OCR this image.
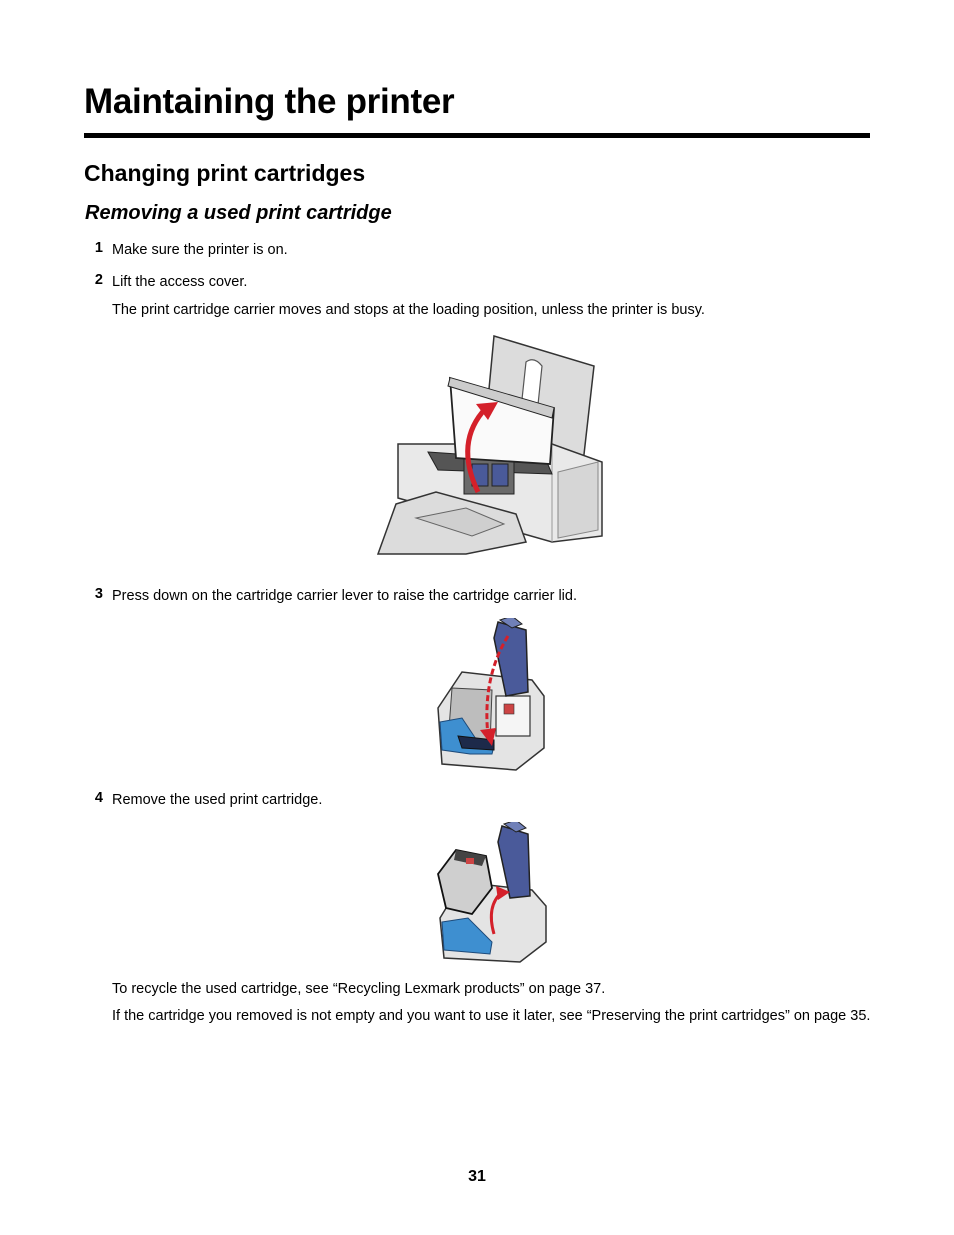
Maintaining the printer
Changing print cartridges
Removing a used print cartridge
1 Make sure the printer is on.
2 Lift the access cover.
The print cartridge carrier moves and stops at the loading position, unless the printer is busy.
3 Press down on the cartridge carrier lever to raise the cartridge carrier lid.
4 Remove the used print cartridge.
To recycle the used cartridge, see “Recycling Lexmark products” on page 37.
If the cartridge you removed is not empty and you want to use it later, see “Preserving the print cartridges” on page 35.
31
